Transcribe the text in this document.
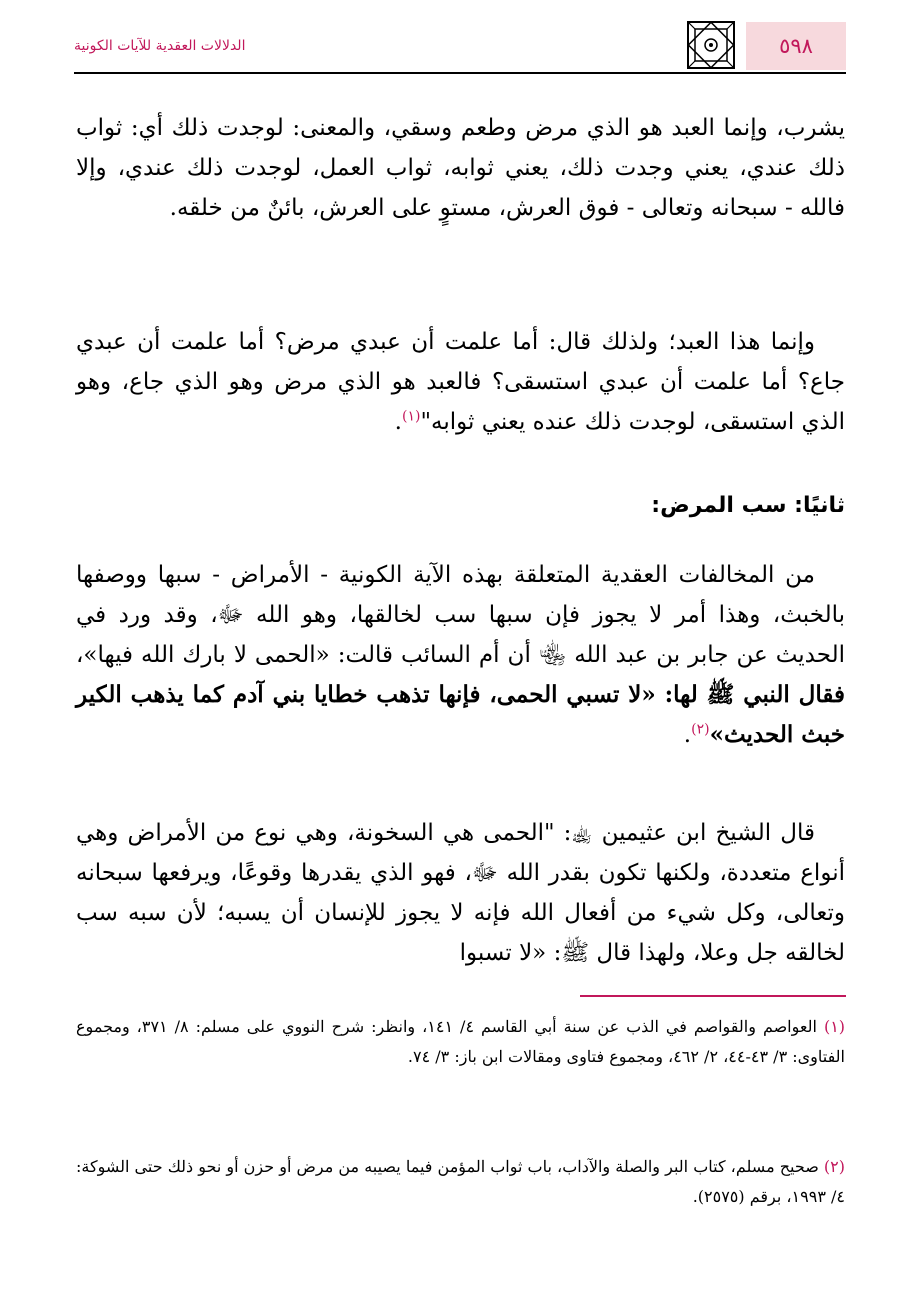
٥٩٨
الدلالات العقدية للآيات الكونية

يشرب، وإنما العبد هو الذي مرض وطعم وسقي، والمعنى: لوجدت ذلك أي: ثواب ذلك عندي، يعني وجدت ذلك، يعني ثوابه، ثواب العمل، لوجدت ذلك عندي، وإلا فالله - سبحانه وتعالى - فوق العرش، مستوٍ على العرش، بائنٌ من خلقه.

وإنما هذا العبد؛ ولذلك قال: أما علمت أن عبدي مرض؟ أما علمت أن عبدي جاع؟ أما علمت أن عبدي استسقى؟ فالعبد هو الذي مرض وهو الذي جاع، وهو الذي استسقى، لوجدت ذلك عنده يعني ثوابه"$^{(١)}$.

ثانيًا: سب المرض:

من المخالفات العقدية المتعلقة بهذه الآية الكونية - الأمراض - سبها ووصفها بالخبث، وهذا أمر لا يجوز فإن سبها سب لخالقها، وهو الله ﷻ، وقد ورد في الحديث عن جابر بن عبد الله ﵄ أن أم السائب قالت: «الحمى لا بارك الله فيها»، فقال النبي ﷺ لها: «لا تسبي الحمى، فإنها تذهب خطايا بني آدم كما يذهب الكير خبث الحديث»$^{(٢)}$.

قال الشيخ ابن عثيمين ﵀: "الحمى هي السخونة، وهي نوع من الأمراض وهي أنواع متعددة، ولكنها تكون بقدر الله ﷻ، فهو الذي يقدرها وقوعًا، ويرفعها سبحانه وتعالى، وكل شيء من أفعال الله فإنه لا يجوز للإنسان أن يسبه؛ لأن سبه سب لخالقه جل وعلا، ولهذا قال ﷺ: «لا تسبوا

(١) العواصم والقواصم في الذب عن سنة أبي القاسم ٤/ ١٤١، وانظر: شرح النووي على مسلم: ٨/ ٣٧١، ومجموع الفتاوى: ٣/ ٤٣-٤٤، ٢/ ٤٦٢، ومجموع فتاوى ومقالات ابن باز: ٣/ ٧٤.
(٢) صحيح مسلم، كتاب البر والصلة والآداب، باب ثواب المؤمن فيما يصيبه من مرض أو حزن أو نحو ذلك حتى الشوكة: ٤/ ١٩٩٣، برقم (٢٥٧٥).
